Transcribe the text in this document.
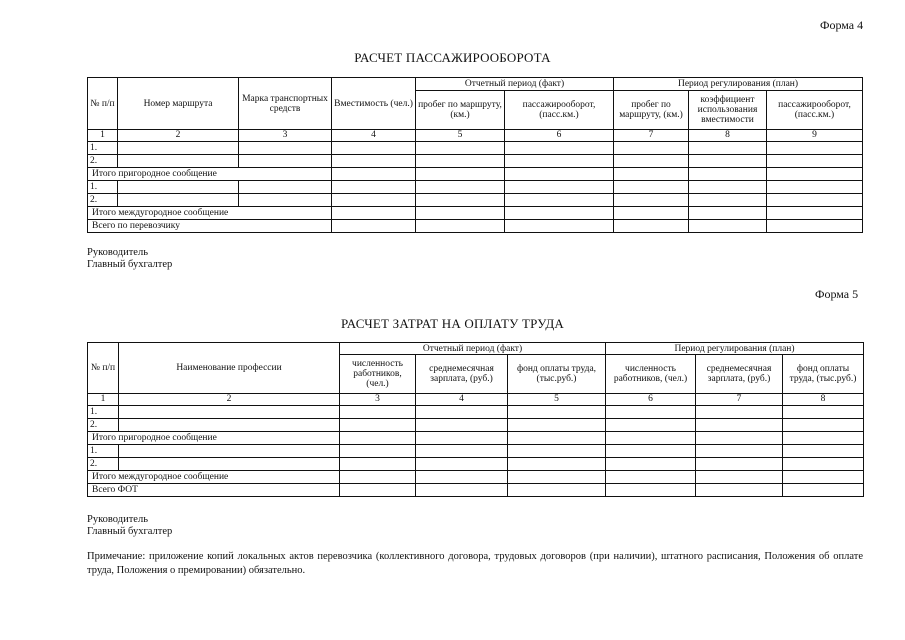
Форма 4
РАСЧЕТ ПАССАЖИРООБОРОТА
№ п/п	Номер маршрута	Марка транспортных средств	Вместимость (чел.)	Отчетный период (факт)		Период регулирования (план)		
				пробег по маршруту, (км.)	пассажирооборот, (пасс.км.)	пробег по маршруту, (км.)	коэффициент использования вместимости	пассажирооборот, (пасс.км.)
1	2	3	4	5	6	7	8	9
1.								
2.								
Итого пригородное сообщение								
1.								
2.								
Итого междугородное сообщение								
Всего по перевозчику								
Руководитель
Главный бухгалтер
Форма 5
РАСЧЕТ ЗАТРАТ НА ОПЛАТУ ТРУДА
№ п/п	Наименование профессии	Отчетный период (факт)			Период регулирования (план)		
		численность работников, (чел.)	среднемесячная зарплата, (руб.)	фонд оплаты труда, (тыс.руб.)	численность работников, (чел.)	среднемесячная зарплата, (руб.)	фонд оплаты труда, (тыс.руб.)
1	2	3	4	5	6	7	8
1.							
2.							
Итого пригородное сообщение							
1.							
2.							
Итого междугородное сообщение							
Всего ФОТ							
Руководитель
Главный бухгалтер
Примечание: приложение копий локальных актов перевозчика (коллективного договора, трудовых договоров (при наличии), штатного расписания, Положения об оплате труда, Положения о премировании) обязательно.
